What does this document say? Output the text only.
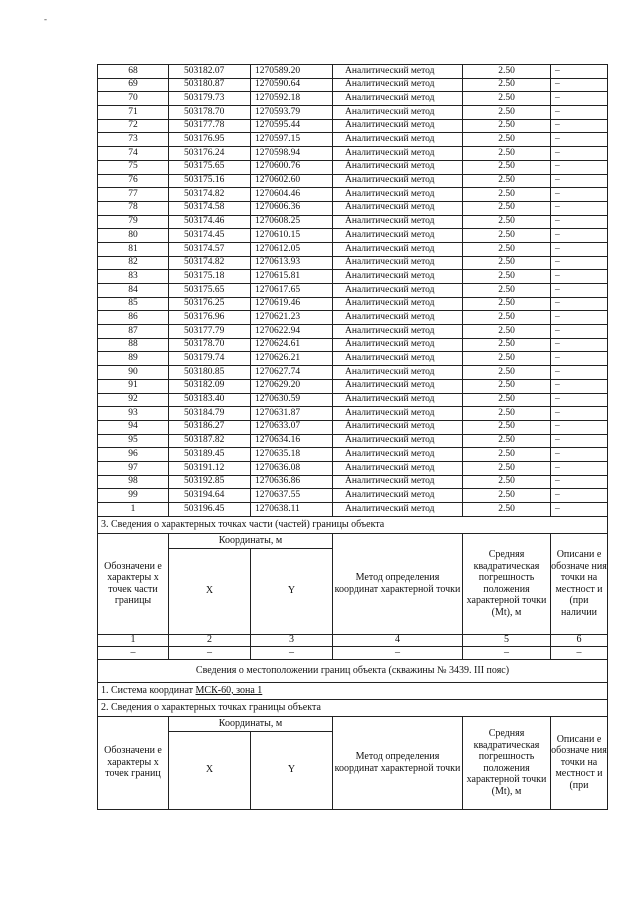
-
68	503182.07	1270589.20	Аналитический метод	2.50	–
69	503180.87	1270590.64	Аналитический метод	2.50	–
70	503179.73	1270592.18	Аналитический метод	2.50	–
71	503178.70	1270593.79	Аналитический метод	2.50	–
72	503177.78	1270595.44	Аналитический метод	2.50	–
73	503176.95	1270597.15	Аналитический метод	2.50	–
74	503176.24	1270598.94	Аналитический метод	2.50	–
75	503175.65	1270600.76	Аналитический метод	2.50	–
76	503175.16	1270602.60	Аналитический метод	2.50	–
77	503174.82	1270604.46	Аналитический метод	2.50	–
78	503174.58	1270606.36	Аналитический метод	2.50	–
79	503174.46	1270608.25	Аналитический метод	2.50	–
80	503174.45	1270610.15	Аналитический метод	2.50	–
81	503174.57	1270612.05	Аналитический метод	2.50	–
82	503174.82	1270613.93	Аналитический метод	2.50	–
83	503175.18	1270615.81	Аналитический метод	2.50	–
84	503175.65	1270617.65	Аналитический метод	2.50	–
85	503176.25	1270619.46	Аналитический метод	2.50	–
86	503176.96	1270621.23	Аналитический метод	2.50	–
87	503177.79	1270622.94	Аналитический метод	2.50	–
88	503178.70	1270624.61	Аналитический метод	2.50	–
89	503179.74	1270626.21	Аналитический метод	2.50	–
90	503180.85	1270627.74	Аналитический метод	2.50	–
91	503182.09	1270629.20	Аналитический метод	2.50	–
92	503183.40	1270630.59	Аналитический метод	2.50	–
93	503184.79	1270631.87	Аналитический метод	2.50	–
94	503186.27	1270633.07	Аналитический метод	2.50	–
95	503187.82	1270634.16	Аналитический метод	2.50	–
96	503189.45	1270635.18	Аналитический метод	2.50	–
97	503191.12	1270636.08	Аналитический метод	2.50	–
98	503192.85	1270636.86	Аналитический метод	2.50	–
99	503194.64	1270637.55	Аналитический метод	2.50	–
1	503196.45	1270638.11	Аналитический метод	2.50	–
3. Сведения о характерных точках части (частей) границы объекта					
Обозначени е характеры х точек части границы	Координаты, м		Метод определения координат характерной точки	Средняя квадратическая погрешность положения характерной точки (Mt), м	Описани е обозначе ния точки на местност и (при наличии
	X	Y			
1	2	3	4	5	6
–	–	–	–	–	–
Сведения о местоположении границ объекта (скважины № 3439. III пояс)					
1. Система координат МСК-60, зона 1					
2. Сведения о характерных точках границы объекта					
Обозначени е характеры х точек границ	Координаты, м		Метод определения координат характерной точки	Средняя квадратическая погрешность положения характерной точки (Mt), м	Описани е обозначе ния точки на местност и (при
	X	Y			
